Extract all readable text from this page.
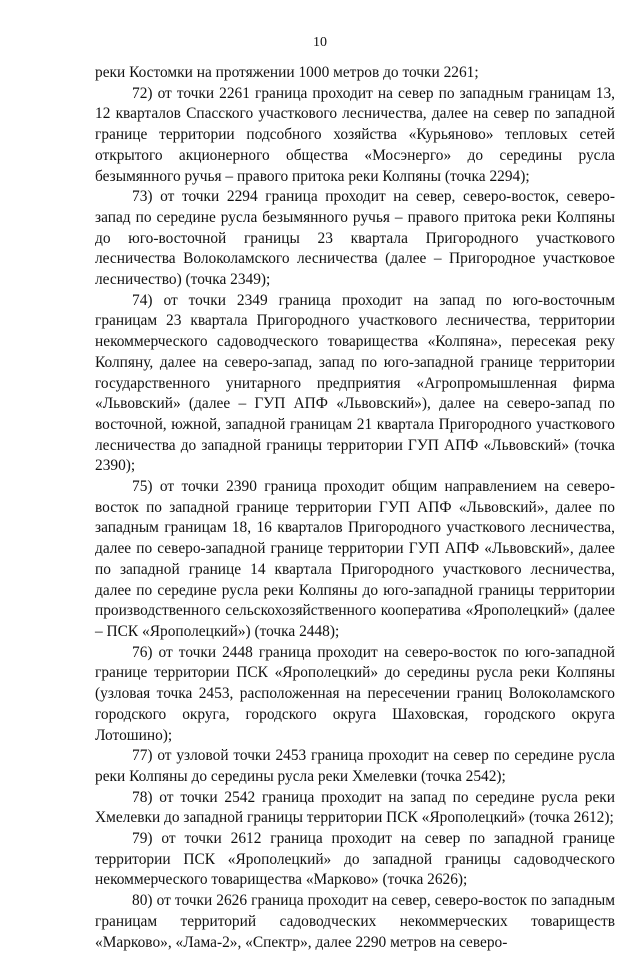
10

реки Костомки на протяжении 1000 метров до точки 2261;

72) от точки 2261 граница проходит на север по западным границам 13, 12 кварталов Спасского участкового лесничества, далее на север по западной границе территории подсобного хозяйства «Курьяново» тепловых сетей открытого акционерного общества «Мосэнерго» до середины русла безымянного ручья – правого притока реки Колпяны (точка 2294);

73) от точки 2294 граница проходит на север, северо-восток, северо-запад по середине русла безымянного ручья – правого притока реки Колпяны до юго-восточной границы 23 квартала Пригородного участкового лесничества Волоколамского лесничества (далее – Пригородное участковое лесничество) (точка 2349);

74) от точки 2349 граница проходит на запад по юго-восточным границам 23 квартала Пригородного участкового лесничества, территории некоммерческого садоводческого товарищества «Колпяна», пересекая реку Колпяну, далее на северо-запад, запад по юго-западной границе территории государственного унитарного предприятия «Агропромышленная фирма «Львовский» (далее – ГУП АПФ «Львовский»), далее на северо-запад по восточной, южной, западной границам 21 квартала Пригородного участкового лесничества до западной границы территории ГУП АПФ «Львовский» (точка 2390);

75) от точки 2390 граница проходит общим направлением на северо-восток по западной границе территории ГУП АПФ «Львовский», далее по западным границам 18, 16 кварталов Пригородного участкового лесничества, далее по северо-западной границе территории ГУП АПФ «Львовский», далее по западной границе 14 квартала Пригородного участкового лесничества, далее по середине русла реки Колпяны до юго-западной границы территории производственного сельскохозяйственного кооператива «Ярополецкий» (далее – ПСК «Ярополецкий») (точка 2448);

76) от точки 2448 граница проходит на северо-восток по юго-западной границе территории ПСК «Ярополецкий» до середины русла реки Колпяны (узловая точка 2453, расположенная на пересечении границ Волоколамского городского округа, городского округа Шаховская, городского округа Лотошино);

77) от узловой точки 2453 граница проходит на север по середине русла реки Колпяны до середины русла реки Хмелевки (точка 2542);

78) от точки 2542 граница проходит на запад по середине русла реки Хмелевки до западной границы территории ПСК «Ярополецкий» (точка 2612);

79) от точки 2612 граница проходит на север по западной границе территории ПСК «Ярополецкий» до западной границы садоводческого некоммерческого товарищества «Марково» (точка 2626);

80) от точки 2626 граница проходит на север, северо-восток по западным границам территорий садоводческих некоммерческих товариществ «Марково», «Лама-2», «Спектр», далее 2290 метров на северо-
